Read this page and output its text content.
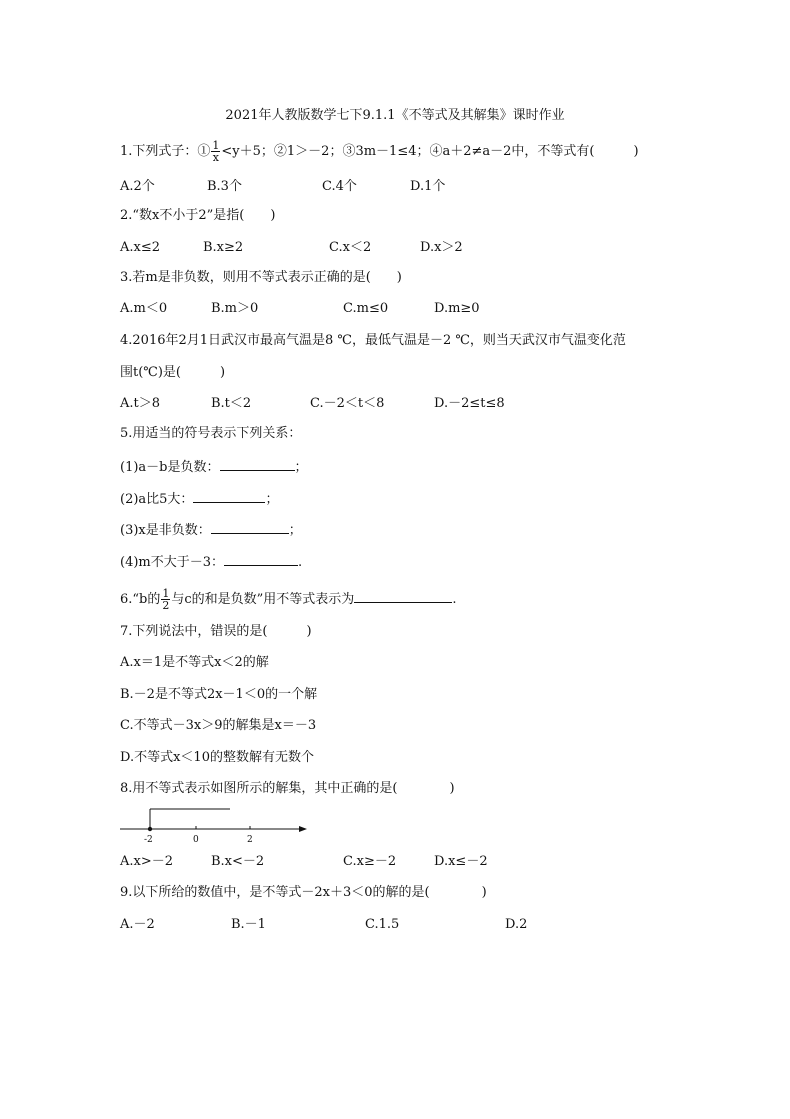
2021年人教版数学七下9.1.1《不等式及其解集》课时作业
1.下列式子：① $\frac{1}{x} <y+5$；②1＞－2；③3m－1≤4；④a＋2≠a－2中，不等式有(　　　)
A.2个	B.3个	C.4个	D.1个
2.“数x不小于2”是指(　　)
A.x≤2	B.x≥2	C.x＜2	D.x＞2
3.若m是非负数，则用不等式表示正确的是(　　)
A.m＜0	B.m＞0	C.m≤0	D.m≥0
4.2016年2月1日武汉市最高气温是8 ℃，最低气温是－2 ℃，则当天武汉市气温变化范
围t(℃)是(　　　)
A.t＞8	B.t＜2	C.－2＜t＜8	D.－2≤t≤8
5.用适当的符号表示下列关系：
(1)a－b是负数：	；
(2)a比5大：	；
(3)x是非负数：	；
(4)m不大于－3：	.
6.“b的 $\frac{1}{2}$ 与c的和是负数”用不等式表示为	.
7.下列说法中，错误的是(　　　)
A.x＝1是不等式x＜2的解
B.－2是不等式2x－1＜0的一个解
C.不等式－3x＞9的解集是x＝－3
D.不等式x＜10的整数解有无数个
8.用不等式表示如图所示的解集，其中正确的是(　　　　)
-2	0	2
A.x>－2	B.x<－2	C.x≥－2	D.x≤－2
9.以下所给的数值中，是不等式－2x＋3＜0的解的是(　　　　)
A.－2	B.－1	C.1.5	D.2
